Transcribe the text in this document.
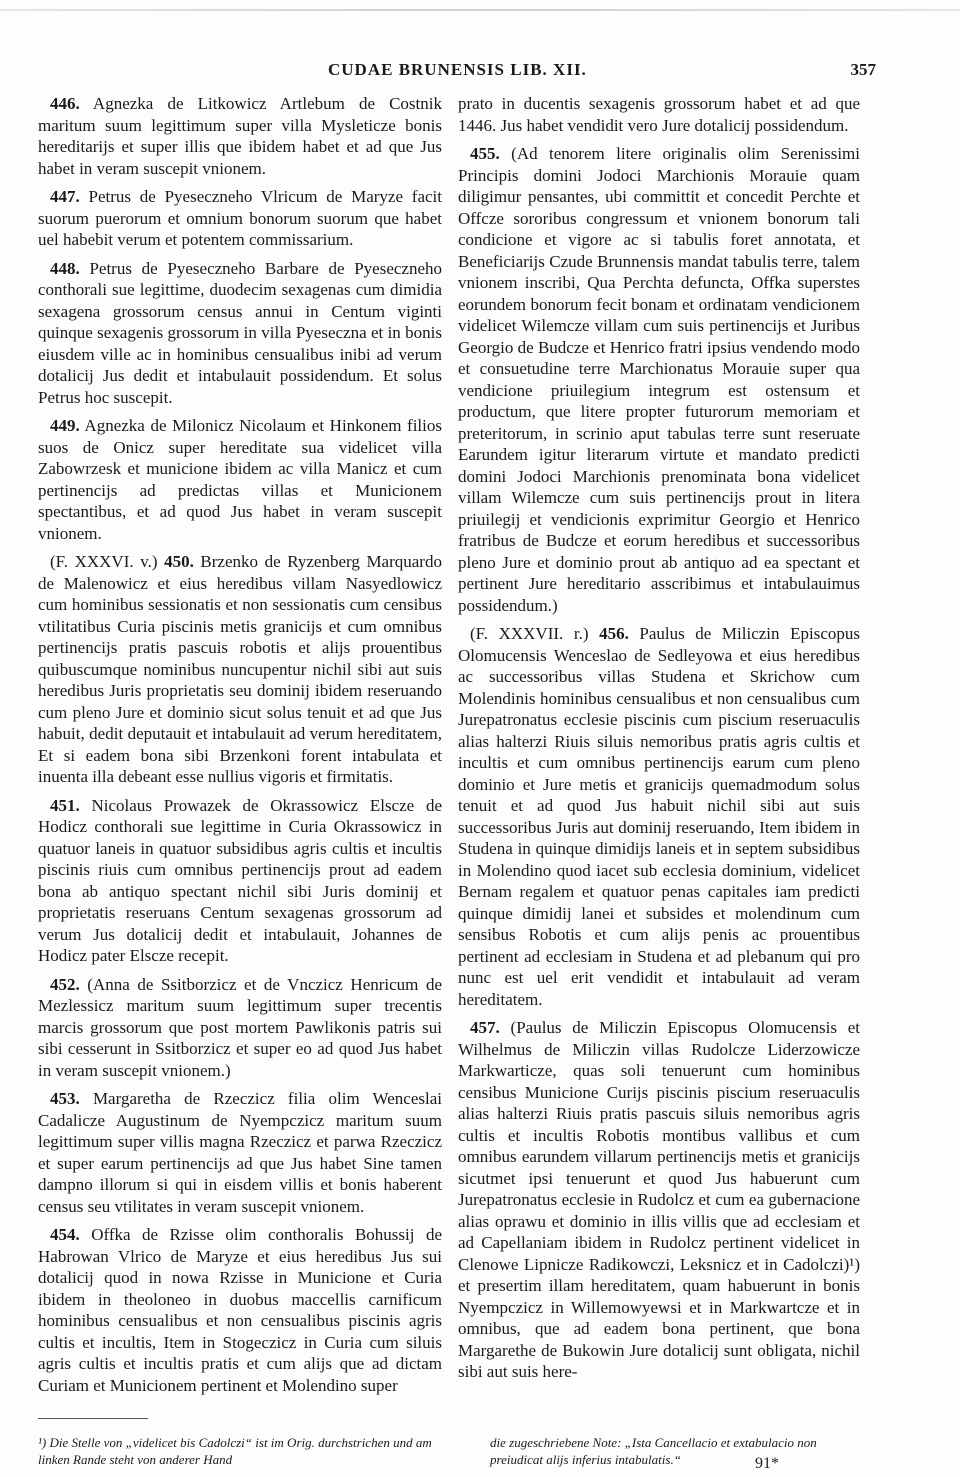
CUDAE BRUNENSIS LIB. XII.	357

446. Agnezka de Litkowicz Artlebum de Costnik maritum suum legittimum super villa Mysleticze bonis hereditarijs et super illis que ibidem habet et ad que Jus habet in veram suscepit vnionem.

447. Petrus de Pyeseczneho Vlricum de Maryze facit suorum puerorum et omnium bonorum suorum que habet uel habebit verum et potentem commissarium.

448. Petrus de Pyeseczneho Barbare de Pyeseczneho conthorali sue legittime, duodecim sexagenas cum dimidia sexagena grossorum census annui in Centum viginti quinque sexagenis grossorum in villa Pyeseczna et in bonis eiusdem ville ac in hominibus censualibus inibi ad verum dotalicij Jus dedit et intabulauit possidendum. Et solus Petrus hoc suscepit.

449. Agnezka de Milonicz Nicolaum et Hinkonem filios suos de Onicz super hereditate sua videlicet villa Zabowrzesk et municione ibidem ac villa Manicz et cum pertinencijs ad predictas villas et Municionem spectantibus, et ad quod Jus habet in veram suscepit vnionem.

(F. XXXVI. v.) 450. Brzenko de Ryzenberg Marquardo de Malenowicz et eius heredibus villam Nasyedlowicz cum hominibus sessionatis et non sessionatis cum censibus vtilitatibus Curia piscinis metis granicijs et cum omnibus pertinencijs pratis pascuis robotis et alijs prouentibus quibuscumque nominibus nuncupentur nichil sibi aut suis heredibus Juris proprietatis seu dominij ibidem reseruando cum pleno Jure et dominio sicut solus tenuit et ad que Jus habuit, dedit deputauit et intabulauit ad verum hereditatem, Et si eadem bona sibi Brzenkoni forent intabulata et inuenta illa debeant esse nullius vigoris et firmitatis.

451. Nicolaus Prowazek de Okrassowicz Elscze de Hodicz conthorali sue legittime in Curia Okrassowicz in quatuor laneis in quatuor subsidibus agris cultis et incultis piscinis riuis cum omnibus pertinencijs prout ad eadem bona ab antiquo spectant nichil sibi Juris dominij et proprietatis reseruans Centum sexagenas grossorum ad verum Jus dotalicij dedit et intabulauit, Johannes de Hodicz pater Elscze recepit.

452. (Anna de Ssitborzicz et de Vnczicz Henricum de Mezlessicz maritum suum legittimum super trecentis marcis grossorum que post mortem Pawlikonis patris sui sibi cesserunt in Ssitborzicz et super eo ad quod Jus habet in veram suscepit vnionem.)

453. Margaretha de Rzeczicz filia olim Wenceslai Cadalicze Augustinum de Nyempczicz maritum suum legittimum super villis magna Rzeczicz et parwa Rzeczicz et super earum pertinencijs ad que Jus habet Sine tamen dampno illorum si qui in eisdem villis et bonis haberent census seu vtilitates in veram suscepit vnionem.

454. Offka de Rzisse olim conthoralis Bohussij de Habrowan Vlrico de Maryze et eius heredibus Jus sui dotalicij quod in nowa Rzisse in Municione et Curia ibidem in theoloneo in duobus maccellis carnificum hominibus censualibus et non censualibus piscinis agris cultis et incultis, Item in Stogeczicz in Curia cum siluis agris cultis et incultis pratis et cum alijs que ad dictam Curiam et Municionem pertinent et Molendino super

prato in ducentis sexagenis grossorum habet et ad que 1446. Jus habet vendidit vero Jure dotalicij possidendum.

455. (Ad tenorem litere originalis olim Serenissimi Principis domini Jodoci Marchionis Morauie quam diligimur pensantes, ubi committit et concedit Perchte et Offcze sororibus congressum et vnionem bonorum tali condicione et vigore ac si tabulis foret annotata, et Beneficiarijs Czude Brunnensis mandat tabulis terre, talem vnionem inscribi, Qua Perchta defuncta, Offka superstes eorundem bonorum fecit bonam et ordinatam vendicionem videlicet Wilemcze villam cum suis pertinencijs et Juribus Georgio de Budcze et Henrico fratri ipsius vendendo modo et consuetudine terre Marchionatus Morauie super qua vendicione priuilegium integrum est ostensum et productum, que litere propter futurorum memoriam et preteritorum, in scrinio aput tabulas terre sunt reseruate Earundem igitur literarum virtute et mandato predicti domini Jodoci Marchionis prenominata bona videlicet villam Wilemcze cum suis pertinencijs prout in litera priuilegij et vendicionis exprimitur Georgio et Henrico fratribus de Budcze et eorum heredibus et successoribus pleno Jure et dominio prout ab antiquo ad ea spectant et pertinent Jure hereditario asscribimus et intabulauimus possidendum.)

(F. XXXVII. r.) 456. Paulus de Miliczin Episcopus Olomucensis Wenceslao de Sedleyowa et eius heredibus ac successoribus villas Studena et Skrichow cum Molendinis hominibus censualibus et non censualibus cum Jurepatronatus ecclesie piscinis cum piscium reseruaculis alias halterzi Riuis siluis nemoribus pratis agris cultis et incultis et cum omnibus pertinencijs earum cum pleno dominio et Jure metis et granicijs quemadmodum solus tenuit et ad quod Jus habuit nichil sibi aut suis successoribus Juris aut dominij reseruando, Item ibidem in Studena in quinque dimidijs laneis et in septem subsidibus in Molendino quod iacet sub ecclesia dominium, videlicet Bernam regalem et quatuor penas capitales iam predicti quinque dimidij lanei et subsides et molendinum cum sensibus Robotis et cum alijs penis ac prouentibus pertinent ad ecclesiam in Studena et ad plebanum qui pro nunc est uel erit vendidit et intabulauit ad veram hereditatem.

457. (Paulus de Miliczin Episcopus Olomucensis et Wilhelmus de Miliczin villas Rudolcze Liderzowicze Markwarticze, quas soli tenuerunt cum hominibus censibus Municione Curijs piscinis piscium reseruaculis alias halterzi Riuis pratis pascuis siluis nemoribus agris cultis et incultis Robotis montibus vallibus et cum omnibus earundem villarum pertinencijs metis et granicijs sicutmet ipsi tenuerunt et quod Jus habuerunt cum Jurepatronatus ecclesie in Rudolcz et cum ea gubernacione alias oprawu et dominio in illis villis que ad ecclesiam et ad Capellaniam ibidem in Rudolcz pertinent videlicet in Clenowe Lipnicze Radikowczi, Leksnicz et in Cadolczi)¹) et presertim illam hereditatem, quam habuerunt in bonis Nyempczicz in Willemowyewsi et in Markwartcze et in omnibus, que ad eadem bona pertinent, que bona Margarethe de Bukowin Jure dotalicij sunt obligata, nichil sibi aut suis here-

¹) Die Stelle von „videlicet bis Cadolczi“ ist im Orig. durchstrichen und am linken Rande steht von anderer Hand
die zugeschriebene Note: „Ista Cancellacio et extabulacio non preiudicat alijs inferius intabulatis.“	91*
